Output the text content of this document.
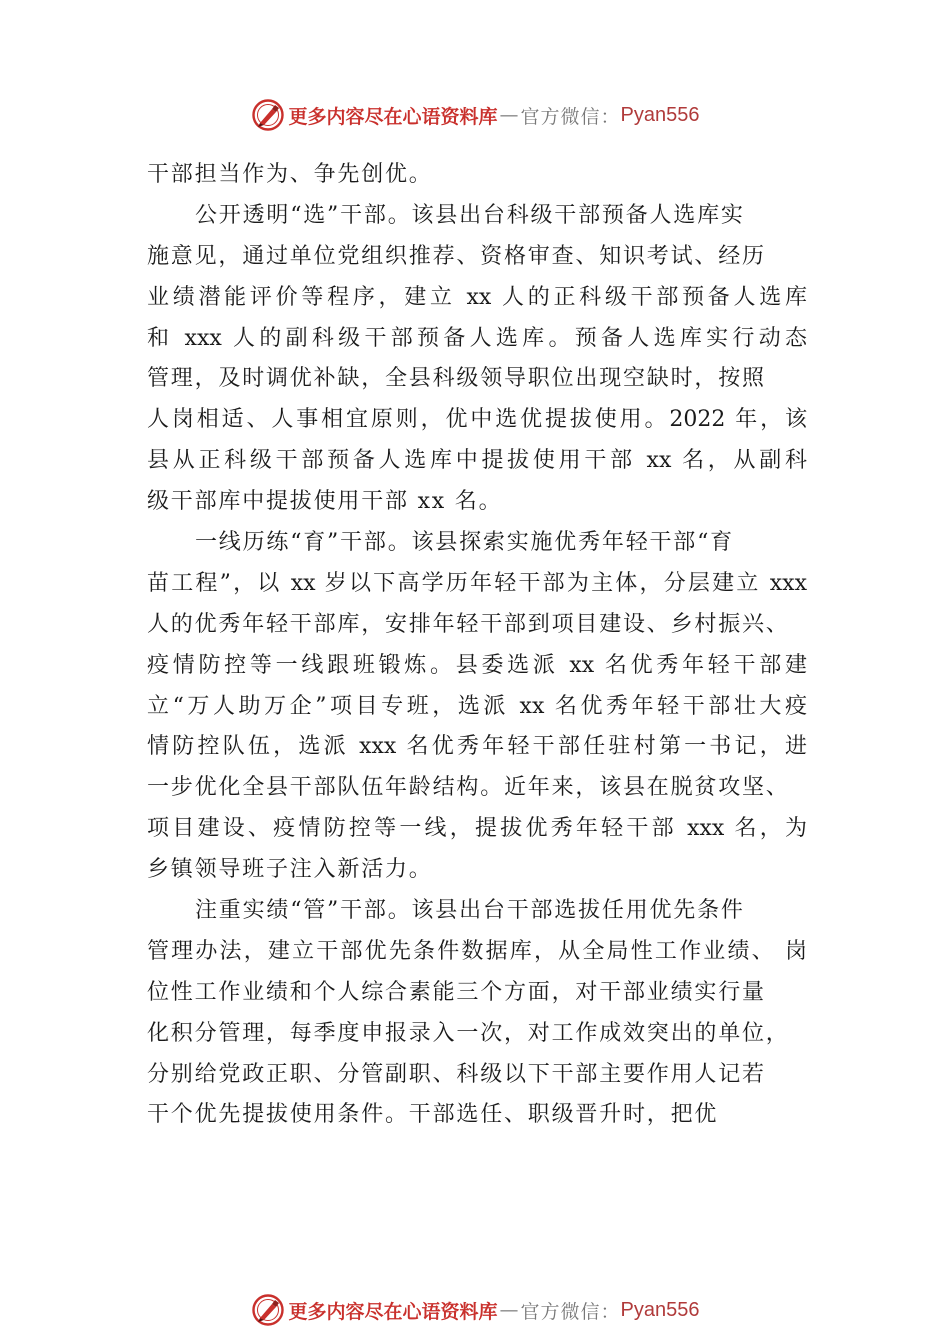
更多内容尽在心语资料库 — 官方微信： Pyan556
干部担当作为、争先创优。
公开透明“选”干部。该县出台科级干部预备人选库实
施意见，通过单位党组织推荐、资格审查、知识考试、经历
业绩潜能评价等程序，建立 xx 人的正科级干部预备人选库
和 xxx 人的副科级干部预备人选库。预备人选库实行动态
管理，及时调优补缺，全县科级领导职位出现空缺时，按照
人岗相适、人事相宜原则，优中选优提拔使用。2022 年，该
县从正科级干部预备人选库中提拔使用干部 xx 名，从副科
级干部库中提拔使用干部 xx 名。
一线历练“育”干部。该县探索实施优秀年轻干部“育
苗工程”，以 xx 岁以下高学历年轻干部为主体，分层建立 xxx
人的优秀年轻干部库，安排年轻干部到项目建设、乡村振兴、
疫情防控等一线跟班锻炼。县委选派 xx 名优秀年轻干部建
立“万人助万企”项目专班，选派 xx 名优秀年轻干部壮大疫
情防控队伍，选派 xxx 名优秀年轻干部任驻村第一书记，进
一步优化全县干部队伍年龄结构。近年来，该县在脱贫攻坚、
项目建设、疫情防控等一线，提拔优秀年轻干部 xxx 名，为
乡镇领导班子注入新活力。
注重实绩“管”干部。该县出台干部选拔任用优先条件
管理办法，建立干部优先条件数据库，从全局性工作业绩、 岗
位性工作业绩和个人综合素能三个方面，对干部业绩实行量
化积分管理，每季度申报录入一次，对工作成效突出的单位，
分别给党政正职、分管副职、科级以下干部主要作用人记若
干个优先提拔使用条件。干部选任、职级晋升时，把优
更多内容尽在心语资料库 — 官方微信： Pyan556
